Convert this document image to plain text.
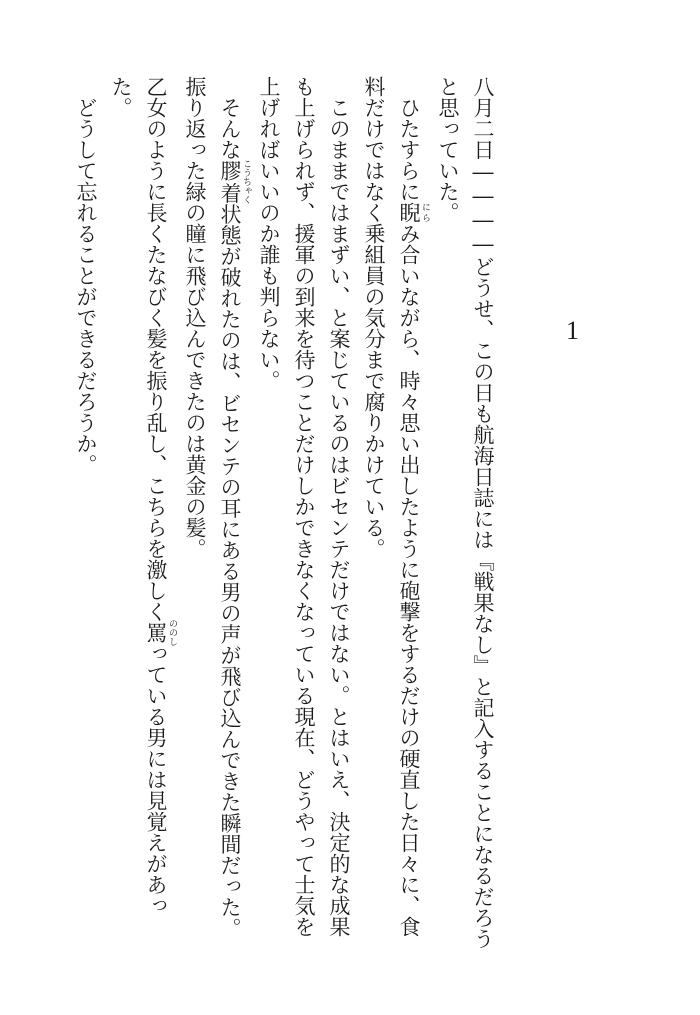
1

八月二日――――どうせ、この日も航海日誌には『戦果なし』と記入することになるだろうと思っていた。

ひたすらに睨 にらみ合いながら、時々思い出したように砲撃をするだけの硬直した日々に、食料だけではなく乗組員の気分まで腐りかけている。

このままではまずい、と案じているのはビセンテだけではない。とはいえ、決定的な成果も上げられず、援軍の到来を待つことだけしかできなくなっている現在、どうやって士気を上げればいいのか誰も判らない。

そんな膠着 こうちゃく状態が破れたのは、ビセンテの耳にある男の声が飛び込んできた瞬間だった。

振り返った緑の瞳に飛び込んできたのは黄金の髪。

乙女のように長くたなびく髪を振り乱し、こちらを激しく罵 ののしっている男には見覚えがあった。

どうして忘れることができるだろうか。
